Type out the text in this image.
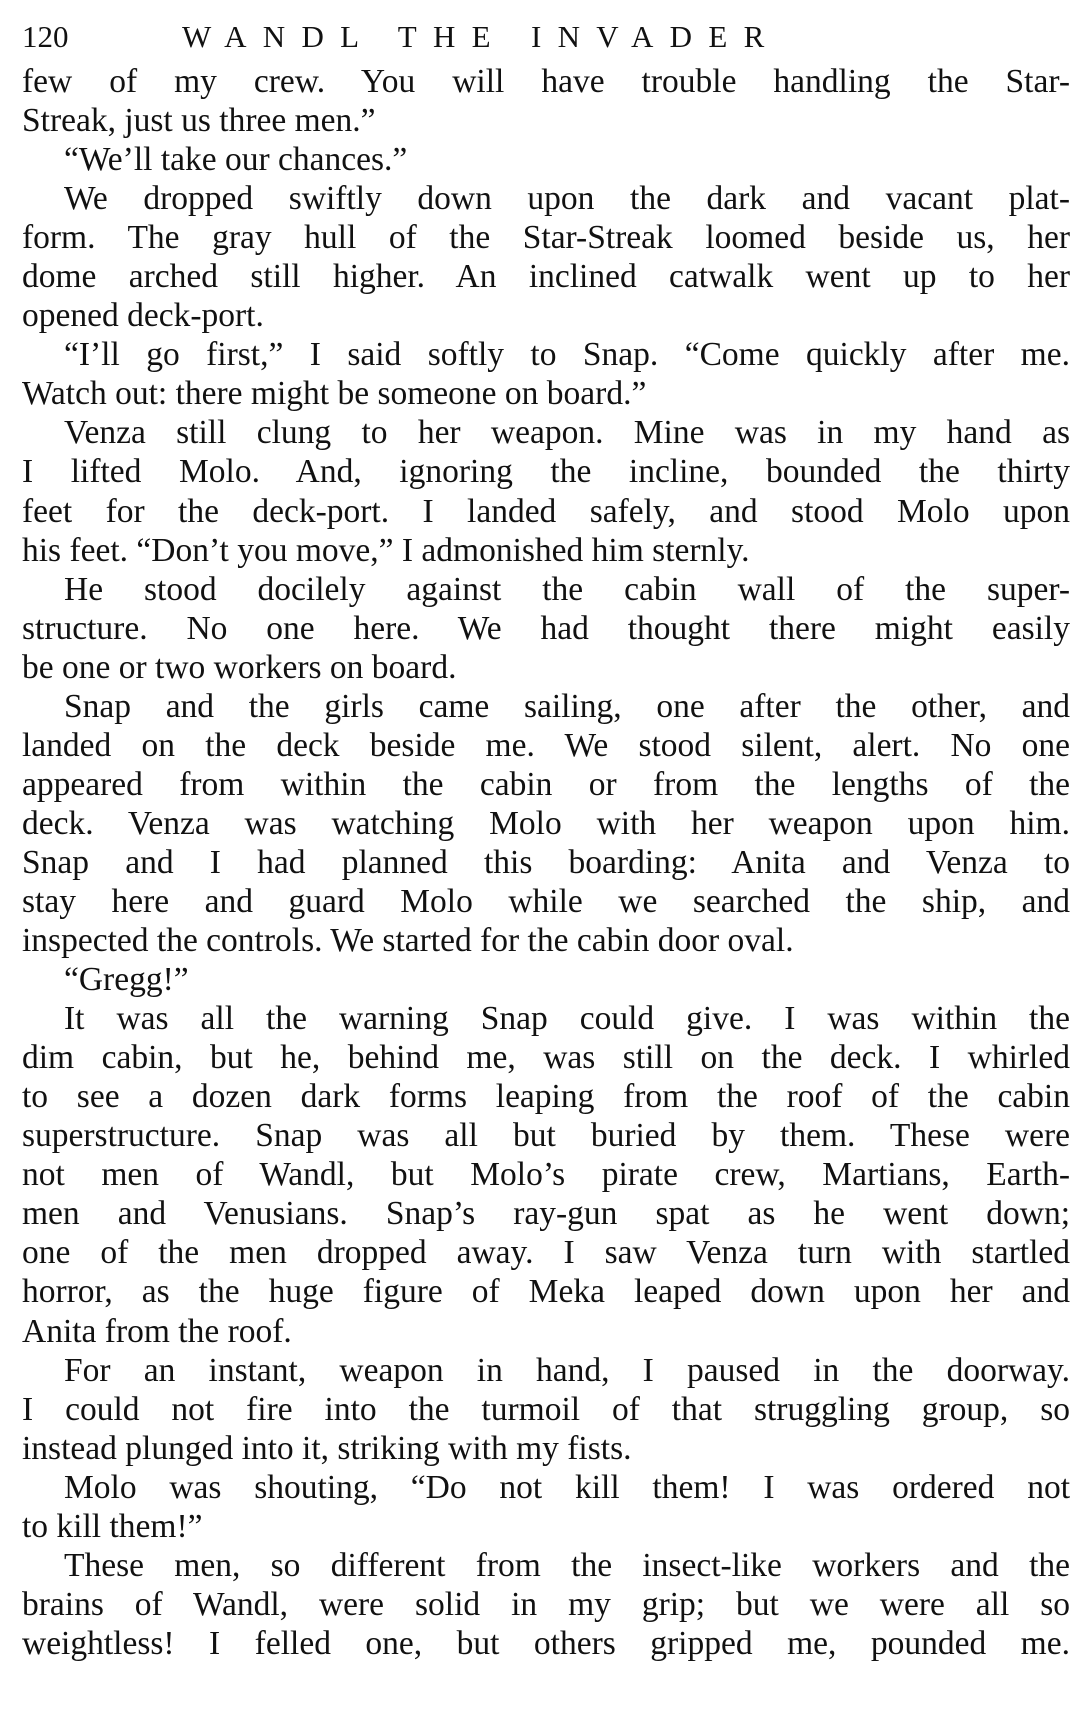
120	WANDL THE INVADER
few of my crew. You will have trouble handling the Star-
Streak, just us three men.”
“We’ll take our chances.”
We dropped swiftly down upon the dark and vacant plat-
form. The gray hull of the Star-Streak loomed beside us, her
dome arched still higher. An inclined catwalk went up to her
opened deck-port.
“I’ll go first,” I said softly to Snap. “Come quickly after me.
Watch out: there might be someone on board.”
Venza still clung to her weapon. Mine was in my hand as
I lifted Molo. And, ignoring the incline, bounded the thirty
feet for the deck-port. I landed safely, and stood Molo upon
his feet. “Don’t you move,” I admonished him sternly.
He stood docilely against the cabin wall of the super-
structure. No one here. We had thought there might easily
be one or two workers on board.
Snap and the girls came sailing, one after the other, and
landed on the deck beside me. We stood silent, alert. No one
appeared from within the cabin or from the lengths of the
deck. Venza was watching Molo with her weapon upon him.
Snap and I had planned this boarding: Anita and Venza to
stay here and guard Molo while we searched the ship, and
inspected the controls. We started for the cabin door oval.
“Gregg!”
It was all the warning Snap could give. I was within the
dim cabin, but he, behind me, was still on the deck. I whirled
to see a dozen dark forms leaping from the roof of the cabin
superstructure. Snap was all but buried by them. These were
not men of Wandl, but Molo’s pirate crew, Martians, Earth-
men and Venusians. Snap’s ray-gun spat as he went down;
one of the men dropped away. I saw Venza turn with startled
horror, as the huge figure of Meka leaped down upon her and
Anita from the roof.
For an instant, weapon in hand, I paused in the doorway.
I could not fire into the turmoil of that struggling group, so
instead plunged into it, striking with my fists.
Molo was shouting, “Do not kill them! I was ordered not
to kill them!”
These men, so different from the insect-like workers and the
brains of Wandl, were solid in my grip; but we were all so
weightless! I felled one, but others gripped me, pounded me.
